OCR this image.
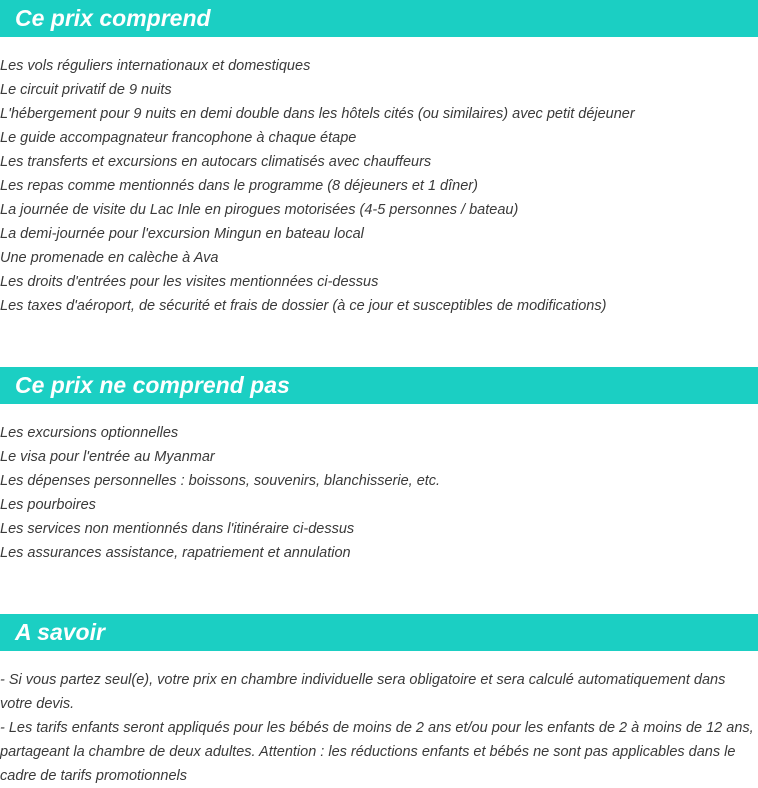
Ce prix comprend
Les vols réguliers internationaux et domestiques
Le circuit privatif de 9 nuits
L'hébergement pour 9 nuits en demi double dans les hôtels cités (ou similaires) avec petit déjeuner
Le guide accompagnateur francophone à chaque étape
Les transferts et excursions en autocars climatisés avec chauffeurs
Les repas comme mentionnés dans le programme (8 déjeuners et 1 dîner)
La journée de visite du Lac Inle en pirogues motorisées (4-5 personnes / bateau)
La demi-journée pour l'excursion Mingun en bateau local
Une promenade en calèche à Ava
Les droits d'entrées pour les visites mentionnées ci-dessus
Les taxes d'aéroport, de sécurité et frais de dossier (à ce jour et susceptibles de modifications)
Ce prix ne comprend pas
Les excursions optionnelles
Le visa pour l'entrée au Myanmar
Les dépenses personnelles : boissons, souvenirs, blanchisserie, etc.
Les pourboires
Les services non mentionnés dans l'itinéraire ci-dessus
Les assurances assistance, rapatriement et annulation
A savoir

- Si vous partez seul(e), votre prix en chambre individuelle sera obligatoire et sera calculé automatiquement dans votre devis.

- Les tarifs enfants seront appliqués pour les bébés de moins de 2 ans et/ou pour les enfants de 2 à moins de 12 ans, partageant la chambre de deux adultes. Attention : les réductions enfants et bébés ne sont pas applicables dans le cadre de tarifs promotionnels
